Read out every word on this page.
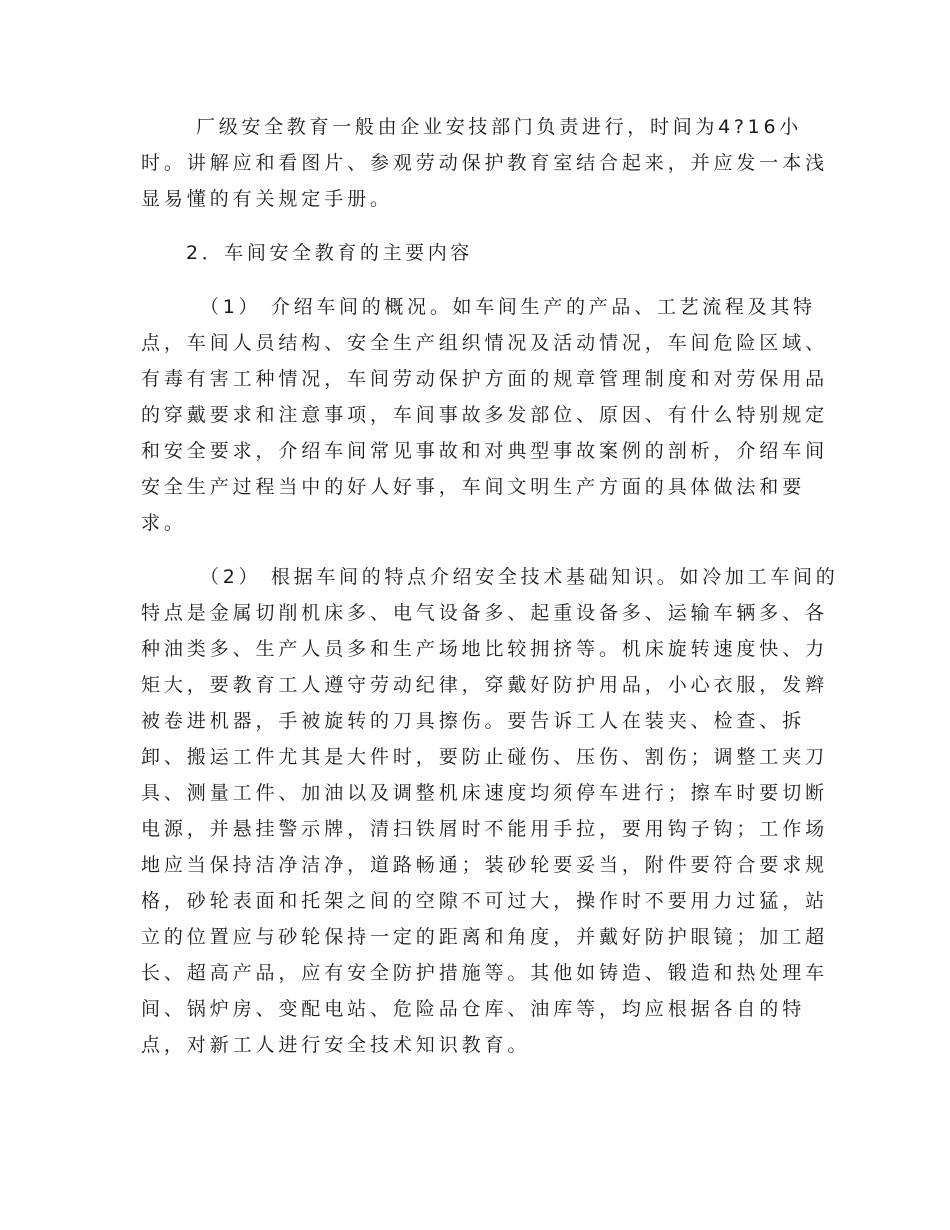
厂级安全教育一般由企业安技部门负责进行，时间为4?16小
时。讲解应和看图片、参观劳动保护教育室结合起来，并应发一本浅
显易懂的有关规定手册。
2．车间安全教育的主要内容
（1） 介绍车间的概况。如车间生产的产品、工艺流程及其特
点，车间人员结构、安全生产组织情况及活动情况，车间危险区域、
有毒有害工种情况，车间劳动保护方面的规章管理制度和对劳保用品
的穿戴要求和注意事项，车间事故多发部位、原因、有什么特别规定
和安全要求，介绍车间常见事故和对典型事故案例的剖析，介绍车间
安全生产过程当中的好人好事，车间文明生产方面的具体做法和要
求。
（2） 根据车间的特点介绍安全技术基础知识。如冷加工车间的
特点是金属切削机床多、电气设备多、起重设备多、运输车辆多、各
种油类多、生产人员多和生产场地比较拥挤等。机床旋转速度快、力
矩大，要教育工人遵守劳动纪律，穿戴好防护用品，小心衣服，发辫
被卷进机器，手被旋转的刀具擦伤。要告诉工人在装夹、检查、拆
卸、搬运工件尤其是大件时，要防止碰伤、压伤、割伤；调整工夹刀
具、测量工件、加油以及调整机床速度均须停车进行；擦车时要切断
电源，并悬挂警示牌，清扫铁屑时不能用手拉，要用钩子钩；工作场
地应当保持洁净洁净，道路畅通；装砂轮要妥当，附件要符合要求规
格，砂轮表面和托架之间的空隙不可过大，操作时不要用力过猛，站
立的位置应与砂轮保持一定的距离和角度，并戴好防护眼镜；加工超
长、超高产品，应有安全防护措施等。其他如铸造、锻造和热处理车
间、锅炉房、变配电站、危险品仓库、油库等，均应根据各自的特
点，对新工人进行安全技术知识教育。
